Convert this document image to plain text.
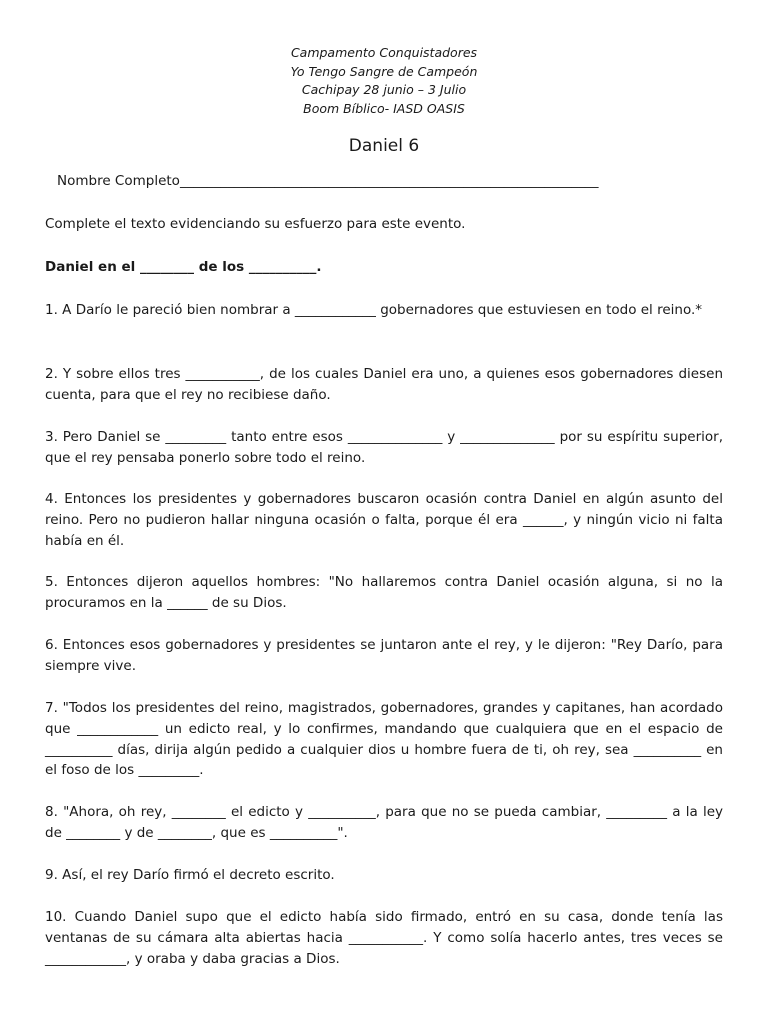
Campamento Conquistadores
Yo Tengo Sangre de Campeón
Cachipay 28 junio – 3 Julio
Boom Bíblico- IASD OASIS
Daniel 6
Nombre Completo______________________________________________________________
Complete el texto evidenciando su esfuerzo para este evento.
Daniel en el ________ de los __________.

1. A Darío le pareció bien nombrar a ____________ gobernadores que estuviesen en todo el reino.*

2. Y sobre ellos tres ___________, de los cuales Daniel era uno, a quienes esos gobernadores diesen cuenta, para que el rey no recibiese daño.

3. Pero Daniel se _________ tanto entre esos ______________ y ______________ por su espíritu superior, que el rey pensaba ponerlo sobre todo el reino.

4. Entonces los presidentes y gobernadores buscaron ocasión contra Daniel en algún asunto del reino. Pero no pudieron hallar ninguna ocasión o falta, porque él era ______, y ningún vicio ni falta había en él.

5. Entonces dijeron aquellos hombres: "No hallaremos contra Daniel ocasión alguna, si no la procuramos en la ______ de su Dios.

6. Entonces esos gobernadores y presidentes se juntaron ante el rey, y le dijeron: "Rey Darío, para siempre vive.

7. "Todos los presidentes del reino, magistrados, gobernadores, grandes y capitanes, han acordado que ____________ un edicto real, y lo confirmes, mandando que cualquiera que en el espacio de __________ días, dirija algún pedido a cualquier dios u hombre fuera de ti, oh rey, sea __________ en el foso de los _________.

8. "Ahora, oh rey, ________ el edicto y __________, para que no se pueda cambiar, _________ a la ley de ________ y de ________, que es __________".

9. Así, el rey Darío firmó el decreto escrito.

10. Cuando Daniel supo que el edicto había sido firmado, entró en su casa, donde tenía las ventanas de su cámara alta abiertas hacia ___________. Y como solía hacerlo antes, tres veces se ____________, y oraba y daba gracias a Dios.
